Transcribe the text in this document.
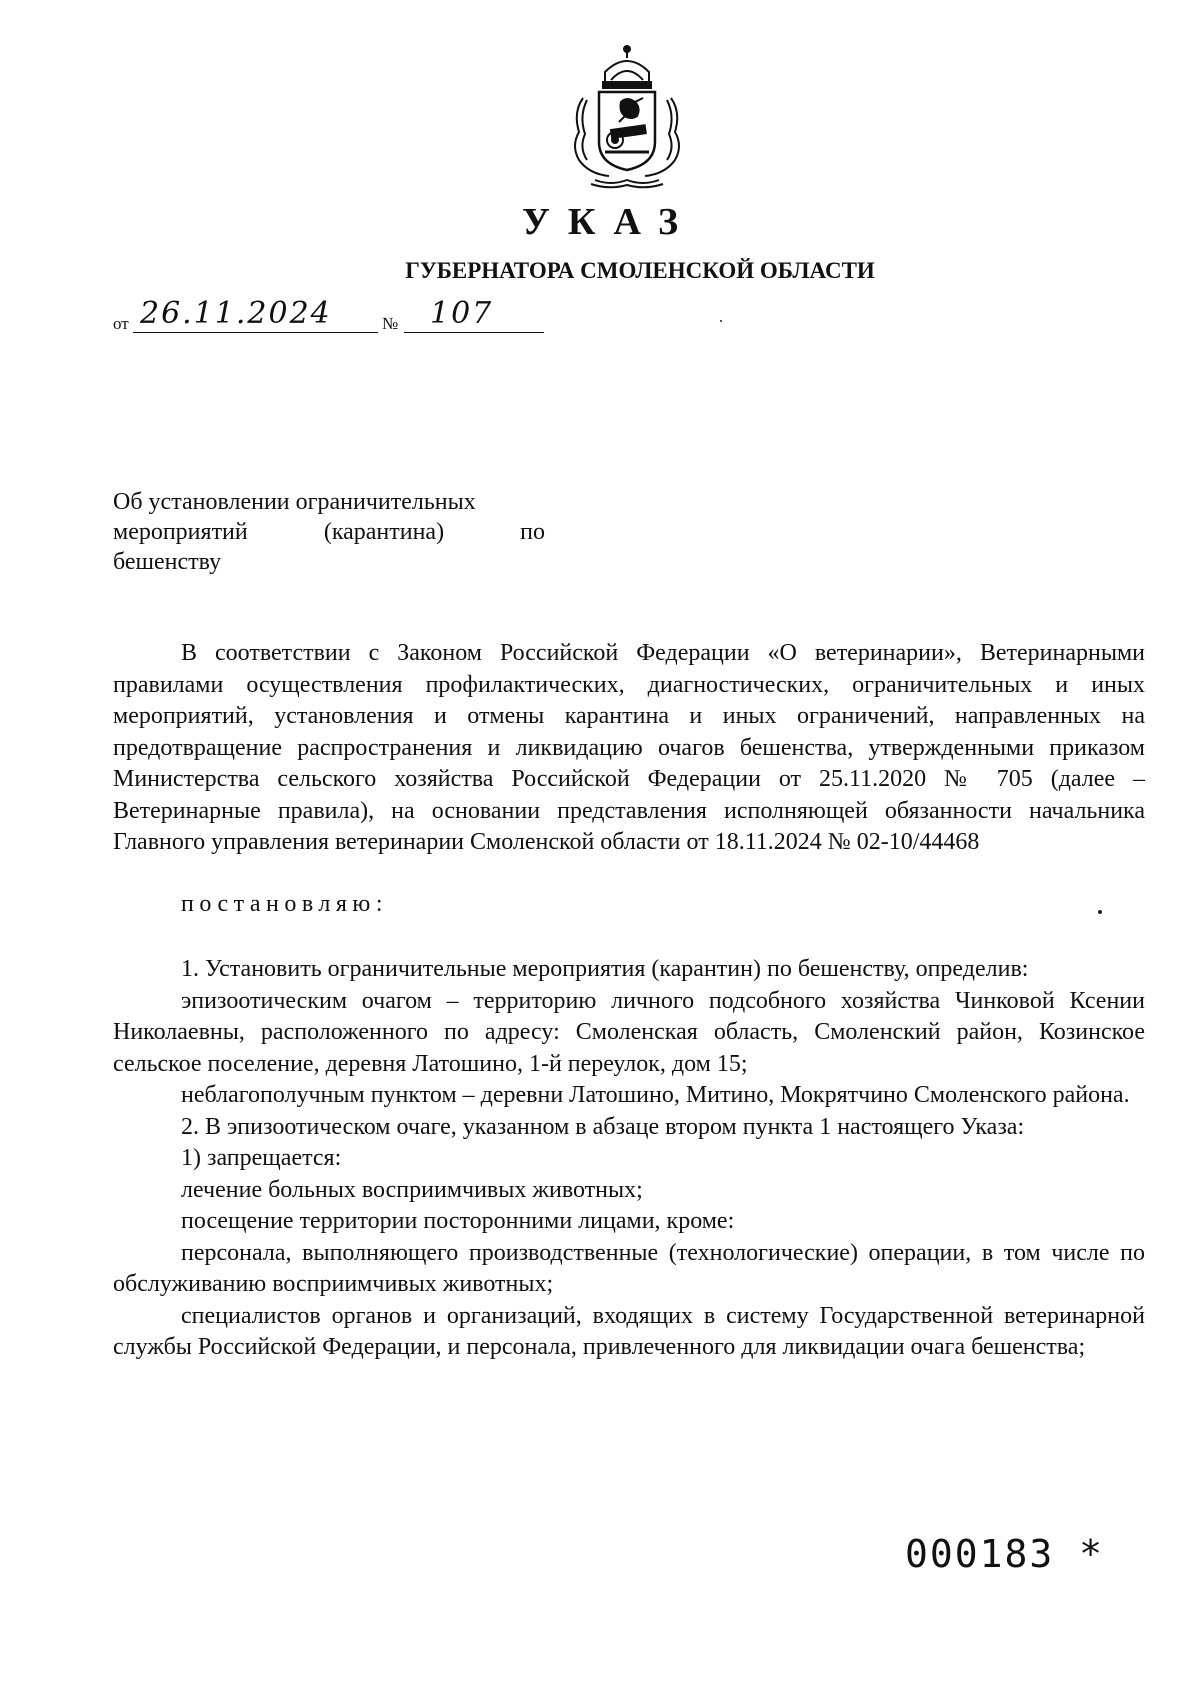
УКАЗ
ГУБЕРНАТОРА СМОЛЕНСКОЙ ОБЛАСТИ
от 26.11.2024	№ 107
Об установлении ограничительных
мероприятий (карантина) по
бешенству

В соответствии с Законом Российской Федерации «О ветеринарии», Ветеринарными правилами осуществления профилактических, диагностических, ограничительных и иных мероприятий, установления и отмены карантина и иных ограничений, направленных на предотвращение распространения и ликвидацию очагов бешенства, утвержденными приказом Министерства сельского хозяйства Российской Федерации от 25.11.2020 № 705 (далее – Ветеринарные правила), на основании представления исполняющей обязанности начальника Главного управления ветеринарии Смоленской области от 18.11.2024 № 02-10/44468

постановляю:

1. Установить ограничительные мероприятия (карантин) по бешенству, определив:

эпизоотическим очагом – территорию личного подсобного хозяйства Чинковой Ксении Николаевны, расположенного по адресу: Смоленская область, Смоленский район, Козинское сельское поселение, деревня Латошино, 1-й переулок, дом 15;

неблагополучным пунктом – деревни Латошино, Митино, Мокрятчино Смоленского района.

2. В эпизоотическом очаге, указанном в абзаце втором пункта 1 настоящего Указа:

1) запрещается:

лечение больных восприимчивых животных;

посещение территории посторонними лицами, кроме:

персонала, выполняющего производственные (технологические) операции, в том числе по обслуживанию восприимчивых животных;

специалистов органов и организаций, входящих в систему Государственной ветеринарной службы Российской Федерации, и персонала, привлеченного для ликвидации очага бешенства;

000183 *
